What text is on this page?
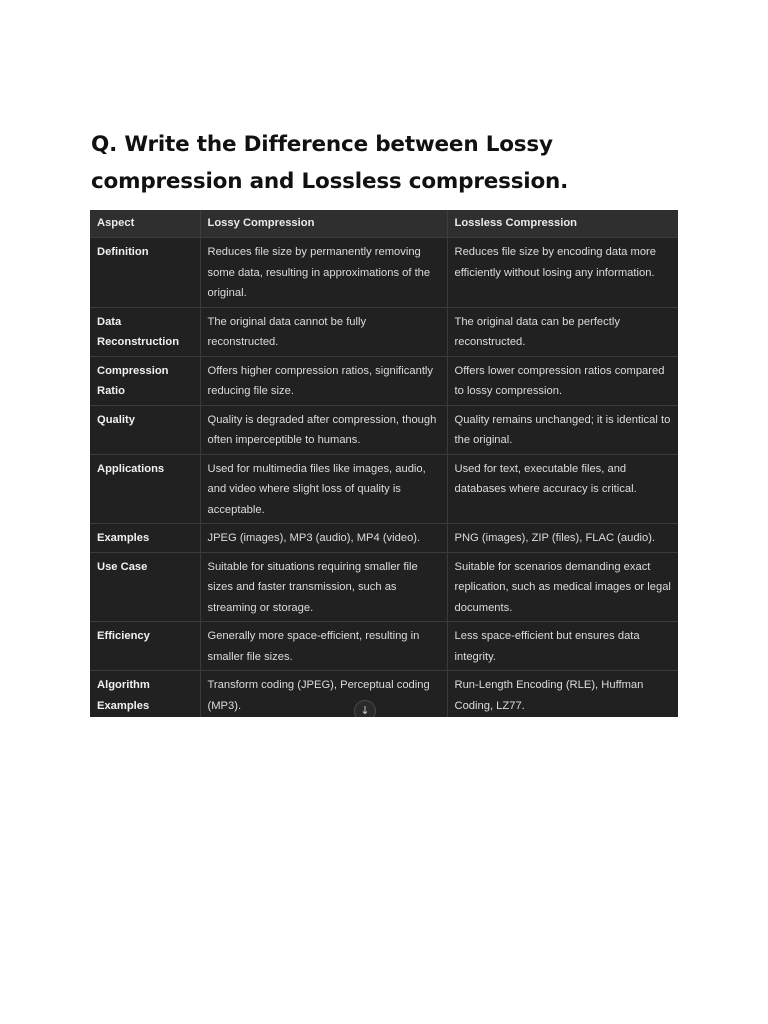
Q. Write the Difference between Lossy compression and Lossless compression.
Aspect	Lossy Compression	Lossless Compression
Definition	Reduces file size by permanently removing some data, resulting in approximations of the original.	Reduces file size by encoding data more efficiently without losing any information.
Data Reconstruction	The original data cannot be fully reconstructed.	The original data can be perfectly reconstructed.
Compression Ratio	Offers higher compression ratios, significantly reducing file size.	Offers lower compression ratios compared to lossy compression.
Quality	Quality is degraded after compression, though often imperceptible to humans.	Quality remains unchanged; it is identical to the original.
Applications	Used for multimedia files like images, audio, and video where slight loss of quality is acceptable.	Used for text, executable files, and databases where accuracy is critical.
Examples	JPEG (images), MP3 (audio), MP4 (video).	PNG (images), ZIP (files), FLAC (audio).
Use Case	Suitable for situations requiring smaller file sizes and faster transmission, such as streaming or storage.	Suitable for scenarios demanding exact replication, such as medical images or legal documents.
Efficiency	Generally more space-efficient, resulting in smaller file sizes.	Less space-efficient but ensures data integrity.
Algorithm Examples	Transform coding (JPEG), Perceptual coding (MP3).	Run-Length Encoding (RLE), Huffman Coding, LZ77.
↓
